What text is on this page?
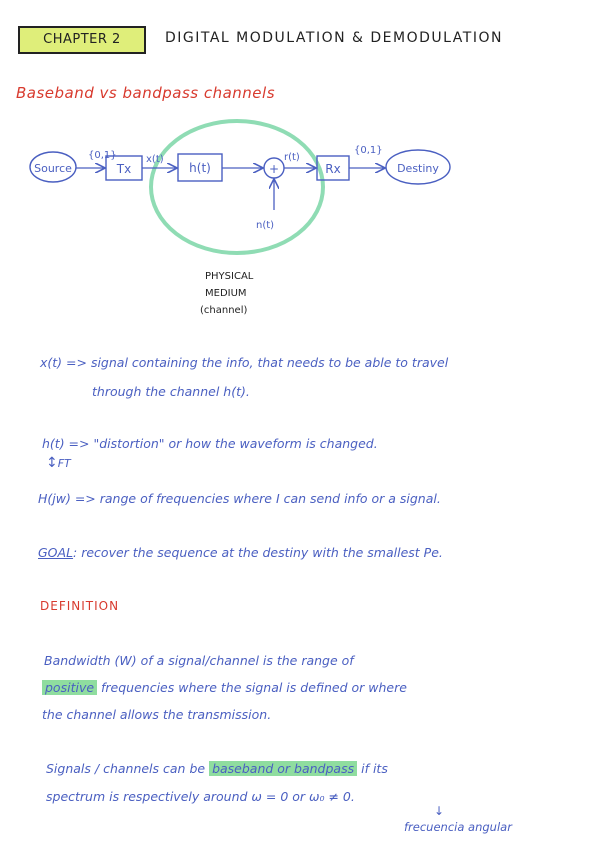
CHAPTER 2	DIGITAL MODULATION & DEMODULATION
Baseband vs bandpass channels
Source	Tx	h(t)	+	Rx	Destiny
{0,1}	x(t)	r(t)
{0,1}
n(t)
PHYSICAL
MEDIUM
(channel)
x(t) => signal containing the info, that needs to be able to travel
through the channel h(t).
h(t) => "distortion" or how the waveform is changed.
↕FT
H(jw) => range of frequencies where I can send info or a signal.
GOAL: recover the sequence at the destiny with the smallest Pe.
DEFINITION
Bandwidth (W) of a signal/channel is the range of
positive frequencies where the signal is defined or where
the channel allows the transmission.
Signals / channels can be baseband or bandpass if its
spectrum is respectively around ω = 0 or ω₀ ≠ 0.
↓
frecuencia angular
